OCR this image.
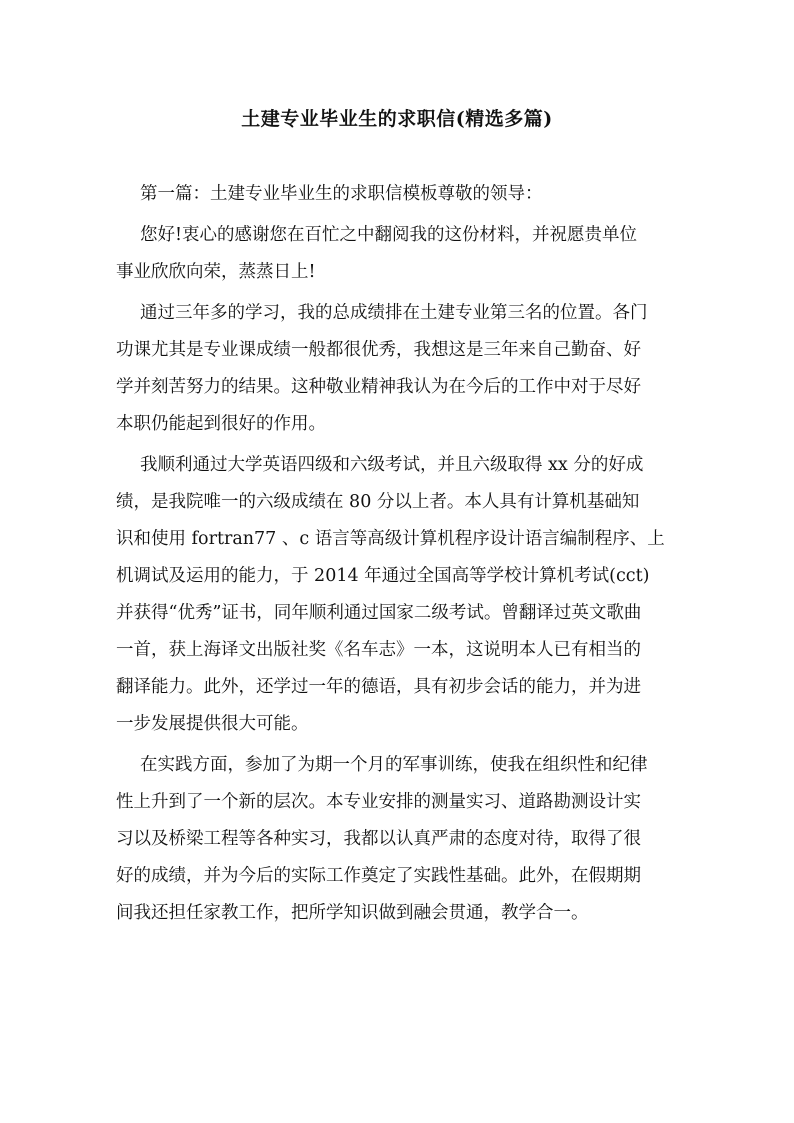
土建专业毕业生的求职信(精选多篇)

第一篇：土建专业毕业生的求职信模板尊敬的领导：

您好!衷心的感谢您在百忙之中翻阅我的这份材料，并祝愿贵单位
事业欣欣向荣，蒸蒸日上!

通过三年多的学习，我的总成绩排在土建专业第三名的位置。各门
功课尤其是专业课成绩一般都很优秀，我想这是三年来自己勤奋、好
学并刻苦努力的结果。这种敬业精神我认为在今后的工作中对于尽好
本职仍能起到很好的作用。

我顺利通过大学英语四级和六级考试，并且六级取得 xx 分的好成
绩，是我院唯一的六级成绩在 80 分以上者。本人具有计算机基础知
识和使用 fortran77 、c 语言等高级计算机程序设计语言编制程序、上
机调试及运用的能力，于 2014 年通过全国高等学校计算机考试(cct)
并获得“优秀”证书，同年顺利通过国家二级考试。曾翻译过英文歌曲
一首，获上海译文出版社奖《名车志》一本，这说明本人已有相当的
翻译能力。此外，还学过一年的德语，具有初步会话的能力，并为进
一步发展提供很大可能。

在实践方面，参加了为期一个月的军事训练，使我在组织性和纪律
性上升到了一个新的层次。本专业安排的测量实习、道路勘测设计实
习以及桥梁工程等各种实习，我都以认真严肃的态度对待，取得了很
好的成绩，并为今后的实际工作奠定了实践性基础。此外，在假期期
间我还担任家教工作，把所学知识做到融会贯通，教学合一。
